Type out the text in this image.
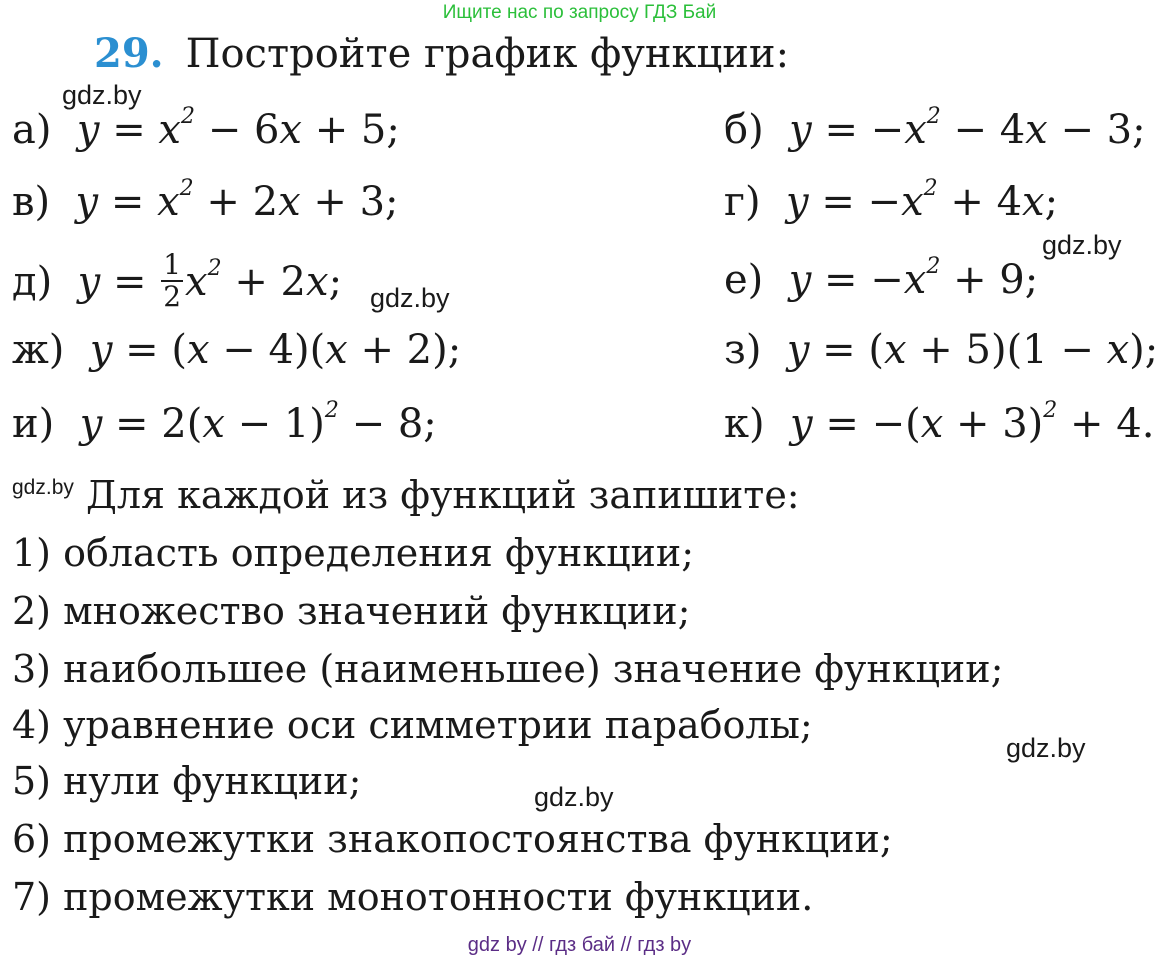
Ищите нас по запросу ГДЗ Бай
29. Постройте график функции:
gdz.by
а)  $y = x^2 - 6x + 5$;	б)  $y = -x^2 - 4x - 3$;
в)  $y = x^2 + 2x + 3$;	г)  $y = -x^2 + 4x$;
gdz.by
д)  $y = \frac{1}{2} x^2 + 2x$; gdz.by	е)  $y = -x^2 + 9$;
ж)  y = (x − 4)(x + 2);	з)  y = (x + 5)(1 − x);
и)  $y = 2(x - 1)^2 - 8$;	к)  $y = -(x + 3)^2 + 4$.
gdz.by Для каждой из функций запишите:
1) область определения функции;
2) множество значений функции;
3) наибольшее (наименьшее) значение функции;
4) уравнение оси симметрии параболы;
5) нули функции;
6) промежутки знакопостоянства функции;
7) промежутки монотонности функции.
gdz.by
gdz.by
gdz by // гдз бай // гдз by
